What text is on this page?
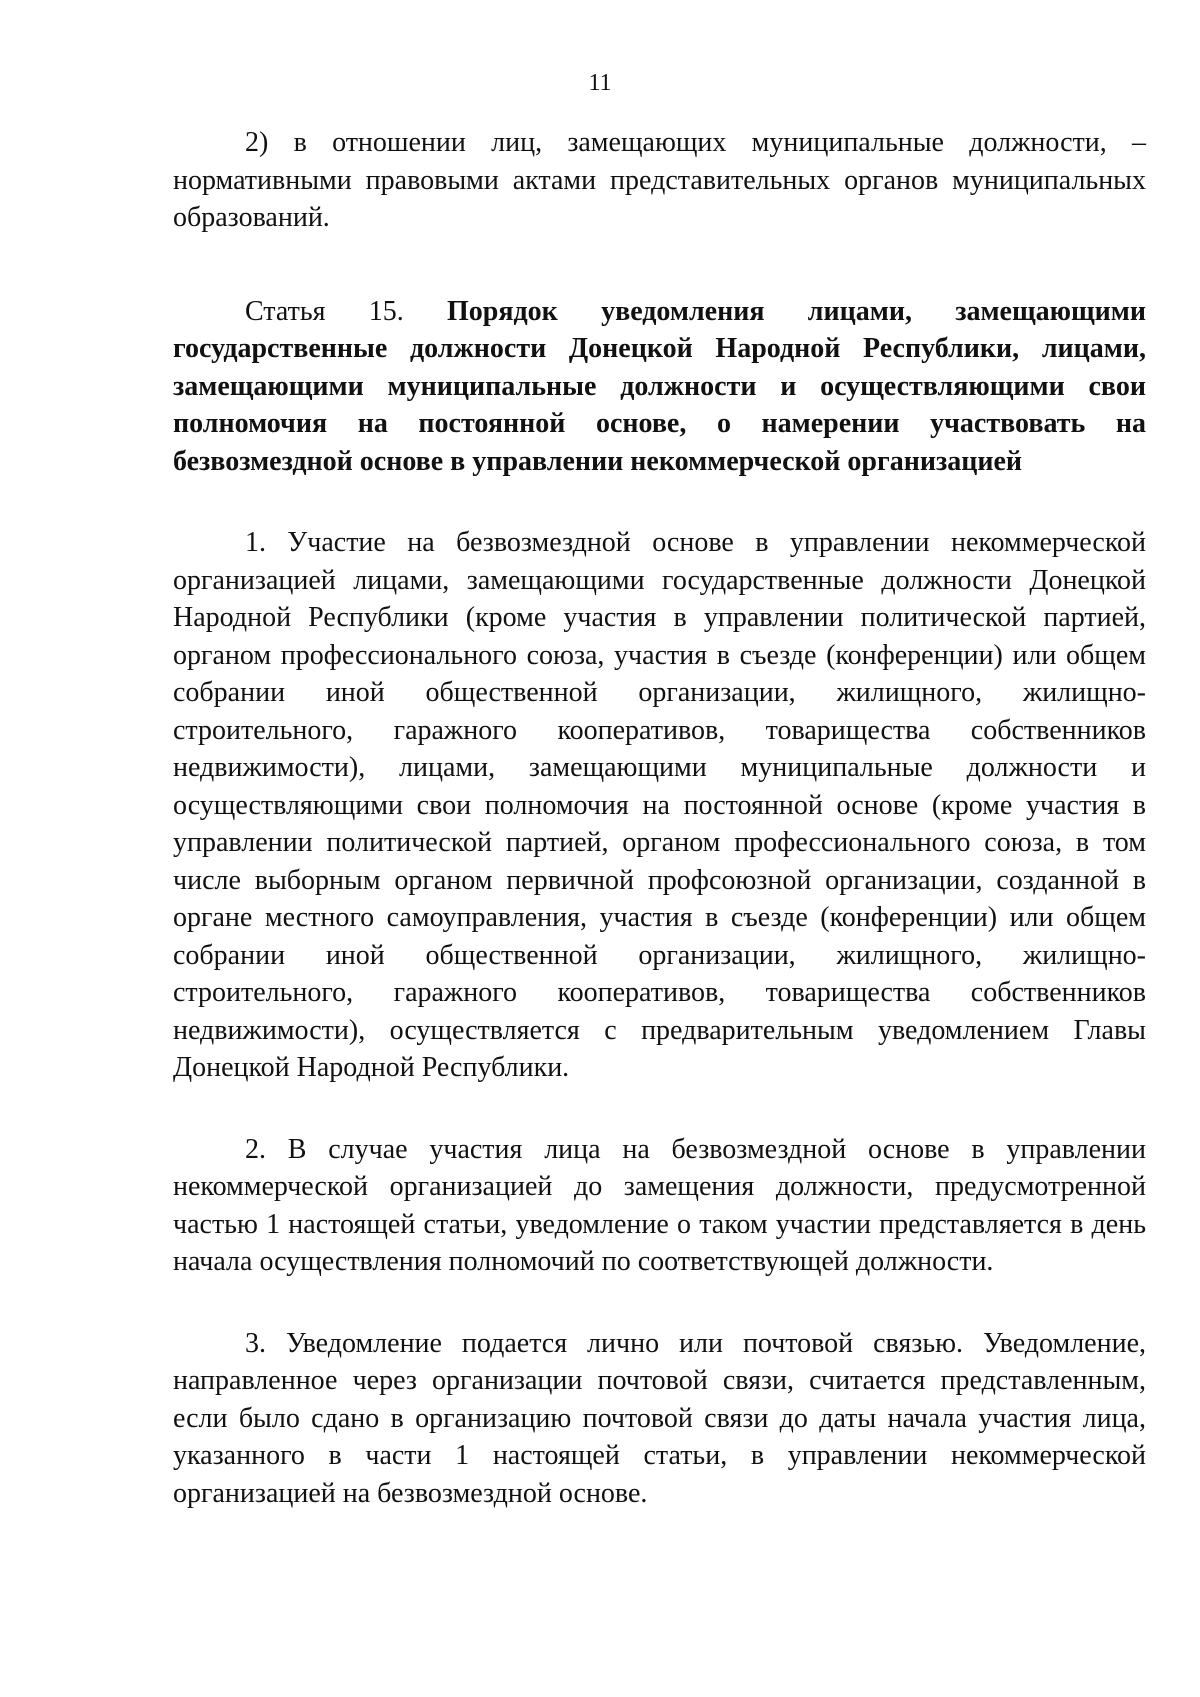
11

2) в отношении лиц, замещающих муниципальные должности, – нормативными правовыми актами представительных органов муниципальных образований.

Статья 15. Порядок уведомления лицами, замещающими государственные должности Донецкой Народной Республики, лицами, замещающими муниципальные должности и осуществляющими свои полномочия на постоянной основе, о намерении участвовать на безвозмездной основе в управлении некоммерческой организацией

1. Участие на безвозмездной основе в управлении некоммерческой организацией лицами, замещающими государственные должности Донецкой Народной Республики (кроме участия в управлении политической партией, органом профессионального союза, участия в съезде (конференции) или общем собрании иной общественной организации, жилищного, жилищно-строительного, гаражного кооперативов, товарищества собственников недвижимости), лицами, замещающими муниципальные должности и осуществляющими свои полномочия на постоянной основе (кроме участия в управлении политической партией, органом профессионального союза, в том числе выборным органом первичной профсоюзной организации, созданной в органе местного самоуправления, участия в съезде (конференции) или общем собрании иной общественной организации, жилищного, жилищно-строительного, гаражного кооперативов, товарищества собственников недвижимости), осуществляется с предварительным уведомлением Главы Донецкой Народной Республики.

2. В случае участия лица на безвозмездной основе в управлении некоммерческой организацией до замещения должности, предусмотренной частью 1 настоящей статьи, уведомление о таком участии представляется в день начала осуществления полномочий по соответствующей должности.

3. Уведомление подается лично или почтовой связью. Уведомление, направленное через организации почтовой связи, считается представленным, если было сдано в организацию почтовой связи до даты начала участия лица, указанного в части 1 настоящей статьи, в управлении некоммерческой организацией на безвозмездной основе.
